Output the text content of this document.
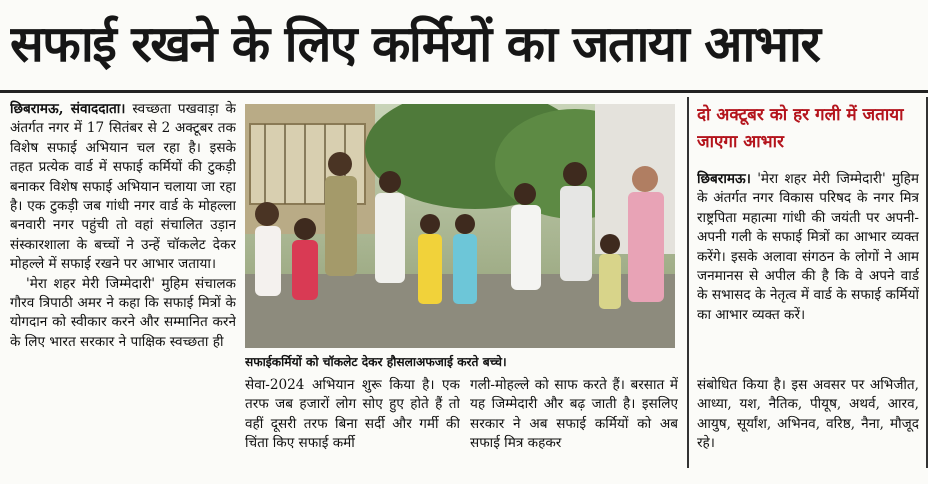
सफाई रखने के लिए कर्मियों का जताया आभार

छिबरामऊ, संवाददाता। स्वच्छता पखवाड़ा के अंतर्गत नगर में 17 सितंबर से 2 अक्टूबर तक विशेष सफाई अभियान चल रहा है। इसके तहत प्रत्येक वार्ड में सफाई कर्मियों की टुकड़ी बनाकर विशेष सफाई अभियान चलाया जा रहा है। एक टुकड़ी जब गांधी नगर वार्ड के मोहल्ला बनवारी नगर पहुंची तो वहां संचालित उड़ान संस्कारशाला के बच्चों ने उन्हें चॉकलेट देकर मोहल्ले में सफाई रखने पर आभार जताया।

'मेरा शहर मेरी जिम्मेदारी' मुहिम संचालक गौरव त्रिपाठी अमर ने कहा कि सफाई मित्रों के योगदान को स्वीकार करने और सम्मानित करने के लिए भारत सरकार ने पाक्षिक स्वच्छता ही

सफाईकर्मियों को चॉकलेट देकर हौसलाअफजाई करते बच्चे।

सेवा-2024 अभियान शुरू किया है। एक तरफ जब हजारों लोग सोए हुए होते हैं तो वहीं दूसरी तरफ बिना सर्दी और गर्मी की चिंता किए सफाई कर्मी

गली-मोहल्ले को साफ करते हैं। बरसात में यह जिम्मेदारी और बढ़ जाती है। इसलिए सरकार ने अब सफाई कर्मियों को अब सफाई मित्र कहकर

दो अक्टूबर को हर गली में जताया जाएगा आभार

छिबरामऊ। 'मेरा शहर मेरी जिम्मेदारी' मुहिम के अंतर्गत नगर विकास परिषद के नगर मित्र राष्ट्रपिता महात्मा गांधी की जयंती पर अपनी-अपनी गली के सफाई मित्रों का आभार व्यक्त करेंगे। इसके अलावा संगठन के लोगों ने आम जनमानस से अपील की है कि वे अपने वार्ड के सभासद के नेतृत्व में वार्ड के सफाई कर्मियों का आभार व्यक्त करें।

संबोधित किया है। इस अवसर पर अभिजीत, आध्या, यश, नैतिक, पीयूष, अथर्व, आरव, आयुष, सूर्यांश, अभिनव, वरिष्ठ, नैना, मौजूद रहे।
